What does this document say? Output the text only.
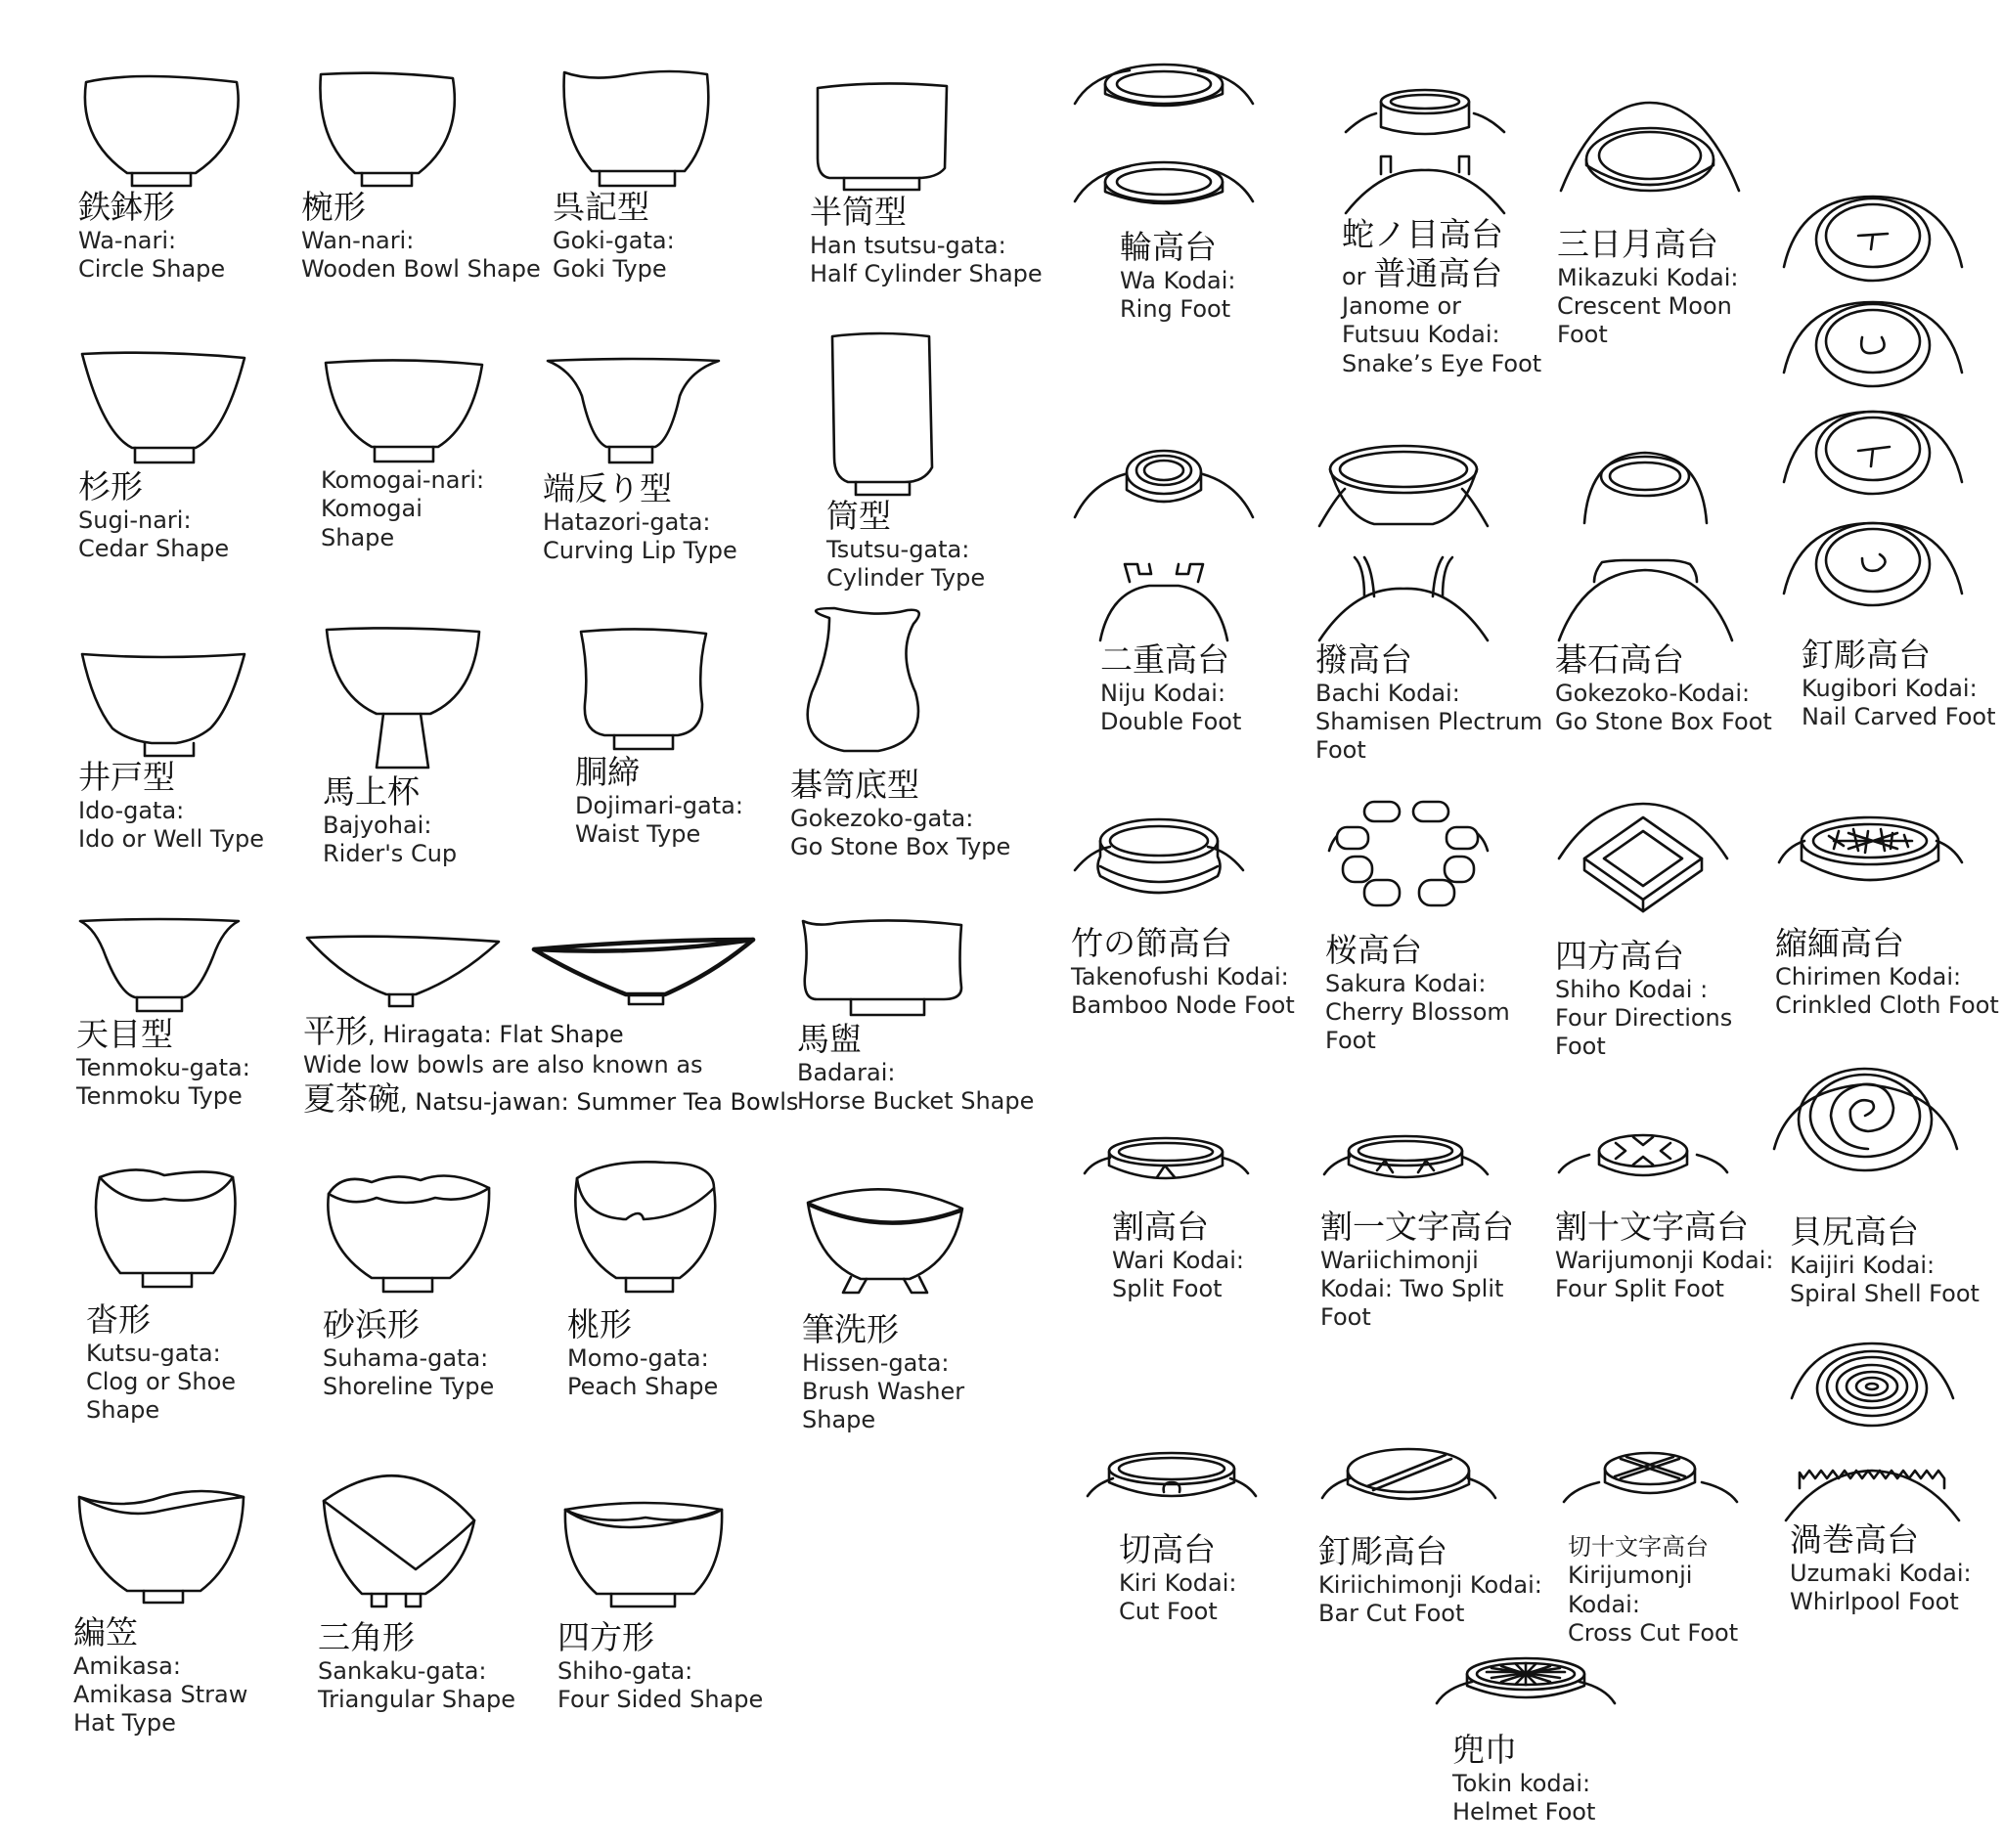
鉄鉢形
Wa-nari:
Circle Shape
椀形
Wan-nari:
Wooden Bowl Shape
呉記型
Goki-gata:
Goki Type
半筒型
Han tsutsu-gata:
Half Cylinder Shape
杉形
Sugi-nari:
Cedar Shape
Komogai-nari:
Komogai
Shape
端反り型
Hatazori-gata:
Curving Lip Type
筒型
Tsutsu-gata:
Cylinder Type
井戸型
Ido-gata:
Ido or Well Type
馬上杯
Bajyohai:
Rider's Cup
胴締
Dojimari-gata:
Waist Type
碁笥底型
Gokezoko-gata:
Go Stone Box Type
天目型
Tenmoku-gata:
Tenmoku Type
平形, Hiragata: Flat Shape
Wide low bowls are also known as
夏茶碗, Natsu-jawan: Summer Tea Bowls
馬盥
Badarai:
Horse Bucket Shape
沓形
Kutsu-gata:
Clog or Shoe
Shape
砂浜形
Suhama-gata:
Shoreline Type
桃形
Momo-gata:
Peach Shape
筆洗形
Hissen-gata:
Brush Washer
Shape
編笠
Amikasa:
Amikasa Straw
Hat Type
三角形
Sankaku-gata:
Triangular Shape
四方形
Shiho-gata:
Four Sided Shape
輪高台
Wa Kodai:
Ring Foot
蛇ノ目高台
or 普通高台
Janome or
Futsuu Kodai:
Snake’s Eye Foot
三日月高台
Mikazuki Kodai:
Crescent Moon
Foot
釘彫高台
Kugibori Kodai:
Nail Carved Foot
二重高台
Niju Kodai:
Double Foot
撥高台
Bachi Kodai:
Shamisen Plectrum
Foot
碁石高台
Gokezoko-Kodai:
Go Stone Box Foot
竹の節高台
Takenofushi Kodai:
Bamboo Node Foot
桜高台
Sakura Kodai:
Cherry Blossom
Foot
四方高台
Shiho Kodai :
Four Directions
Foot
縮緬高台
Chirimen Kodai:
Crinkled Cloth Foot
割高台
Wari Kodai:
Split Foot
割一文字高台
Wariichimonji
Kodai: Two Split
Foot
割十文字高台
Warijumonji Kodai:
Four Split Foot
貝尻高台
Kaijiri Kodai:
Spiral Shell Foot
切高台
Kiri Kodai:
Cut Foot
釘彫高台
Kiriichimonji Kodai:
Bar Cut Foot
切十文字高台
Kirijumonji
Kodai:
Cross Cut Foot
渦巻高台
Uzumaki Kodai:
Whirlpool Foot
兜巾
Tokin kodai:
Helmet Foot
